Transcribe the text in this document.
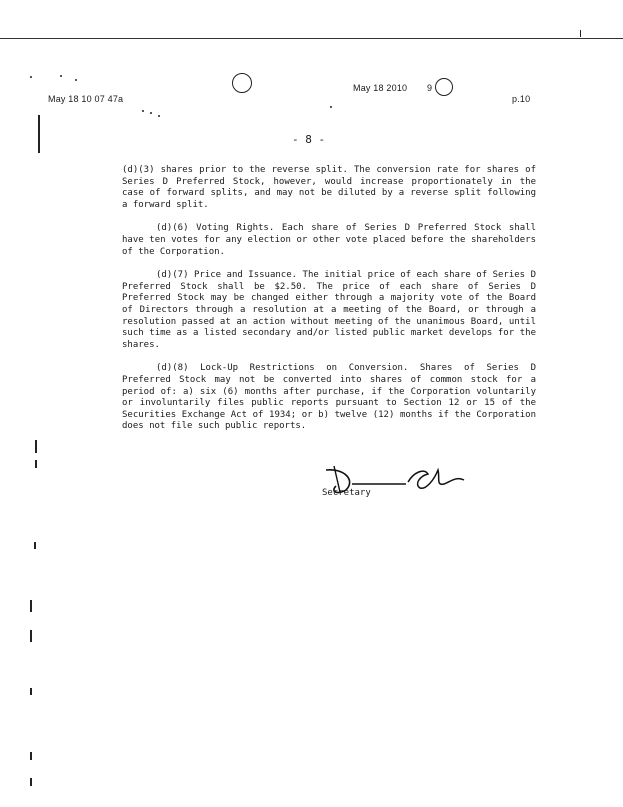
May 18 10 07 47a
May 18 2010 9
p.10
- 8 -

(d)(3) shares prior to the reverse split. The conversion rate for shares of Series D Preferred Stock, however, would increase proportionately in the case of forward splits, and may not be diluted by a reverse split following a forward split.

(d)(6) Voting Rights. Each share of Series D Preferred Stock shall have ten votes for any election or other vote placed before the shareholders of the Corporation.

(d)(7) Price and Issuance. The initial price of each share of Series D Preferred Stock shall be $2.50. The price of each share of Series D Preferred Stock may be changed either through a majority vote of the Board of Directors through a resolution at a meeting of the Board, or through a resolution passed at an action without meeting of the unanimous Board, until such time as a listed secondary and/or listed public market develops for the shares.

(d)(8) Lock-Up Restrictions on Conversion. Shares of Series D Preferred Stock may not be converted into shares of common stock for a period of: a) six (6) months after purchase, if the Corporation voluntarily or involuntarily files public reports pursuant to Section 12 or 15 of the Securities Exchange Act of 1934; or b) twelve (12) months if the Corporation does not file such public reports.

Secretary
